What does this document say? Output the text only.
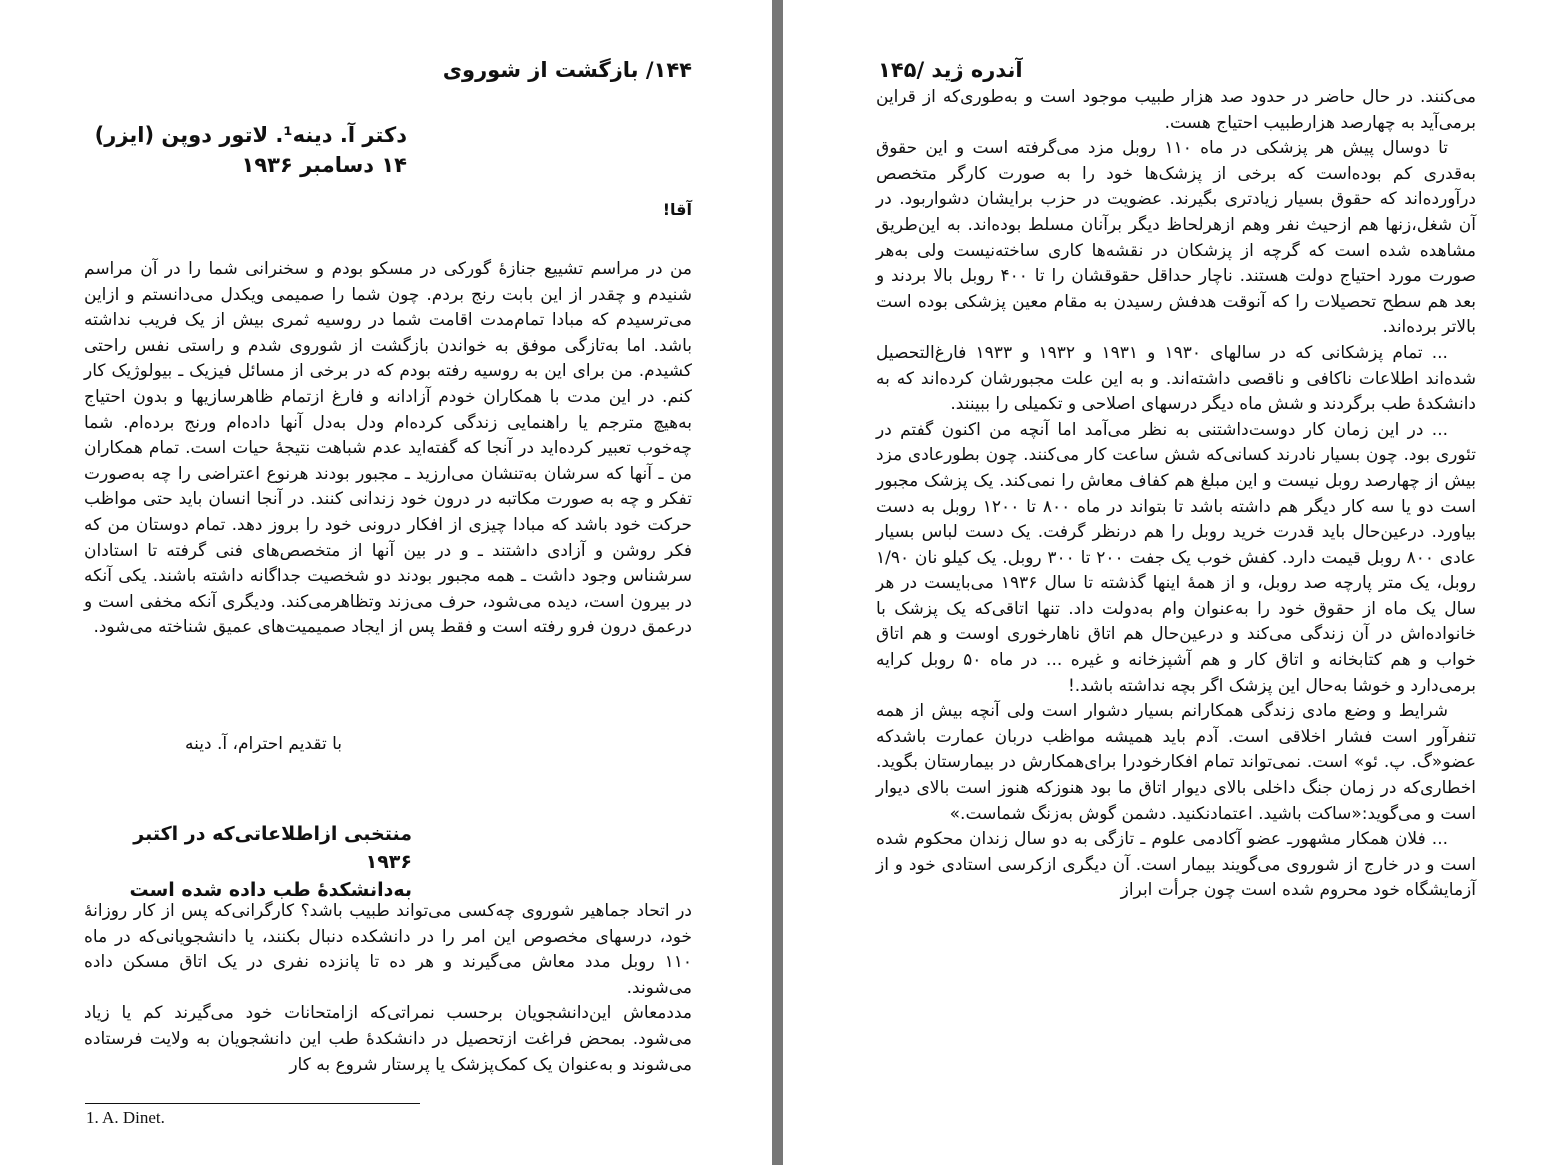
۱۴۴/ بازگشت از شوروی
دکتر آ. دینه¹. لاتور دوپن (ایزر)
۱۴ دسامبر ۱۹۳۶
آقا!

من در مراسم تشییع جنازهٔ گورکی در مسکو بودم و سخنرانی شما را در آن مراسم شنیدم و چقدر از این بابت رنج بردم. چون شما را صمیمی ویکدل می‌دانستم و ازاین می‌ترسیدم که مبادا تمام‌مدت اقامت شما در روسیه ثمری بیش از یک فریب نداشته باشد. اما به‌تازگی موفق به خواندن بازگشت از شوروی شدم و راستی نفس راحتی کشیدم. من برای این به روسیه رفته بودم که در برخی از مسائل فیزیک ـ بیولوژیک کار کنم. در این مدت با همکاران خودم آزادانه و فارغ ازتمام ظاهرسازیها و بدون احتیاج به‌هیچ مترجم یا راهنمایی زندگی کرده‌ام ودل به‌دل آنها داده‌ام ورنج برده‌ام. شما چه‌خوب تعبیر کرده‌اید در آنجا که گفته‌اید عدم شباهت نتیجهٔ حیات است. تمام همکاران من ـ آنها که سرشان به‌تنشان می‌ارزید ـ مجبور بودند هرنوع اعتراضی را چه به‌صورت تفکر و چه به صورت مکاتبه در درون خود زندانی کنند. در آنجا انسان باید حتی مواظب حرکت خود باشد که مبادا چیزی از افکار درونی خود را بروز دهد. تمام دوستان من که فکر روشن و آزادی داشتند ـ و در بین آنها از متخصص‌های فنی گرفته تا استادان سرشناس وجود داشت ـ همه مجبور بودند دو شخصیت جداگانه داشته باشند. یکی آنکه در بیرون است، دیده می‌شود، حرف می‌زند وتظاهرمی‌کند. ودیگری آنکه مخفی است و درعمق درون فرو رفته است و فقط پس از ایجاد صمیمیت‌های عمیق شناخته می‌شود.

با تقدیم احترام، آ. دینه
منتخبی ازاطلاعاتی‌که در اکتبر ۱۹۳۶
به‌دانشکدهٔ طب داده شده است

در اتحاد جماهیر شوروی چه‌کسی می‌تواند طبیب باشد؟ کارگرانی‌که پس از کار روزانهٔ خود، درسهای مخصوص این امر را در دانشکده دنبال بکنند، یا دانشجویانی‌که در ماه ۱۱۰ روبل مدد معاش می‌گیرند و هر ده تا پانزده نفری در یک اتاق مسکن داده می‌شوند.

مددمعاش این‌دانشجویان برحسب نمراتی‌که ازامتحانات خود می‌گیرند کم یا زیاد می‌شود. بمحض فراغت ازتحصیل در دانشکدهٔ طب این دانشجویان به ولایت فرستاده می‌شوند و به‌عنوان یک کمک‌پزشک یا پرستار شروع به کار

1. A. Dinet.
آندره ژید /۱۴۵

می‌کنند. در حال حاضر در حدود صد هزار طبیب موجود است و به‌طوری‌که از قراین برمی‌آید به چهارصد هزارطبیب احتیاج هست.

تا دوسال پیش هر پزشکی در ماه ۱۱۰ روبل مزد می‌گرفته است و این حقوق به‌قدری کم بوده‌است که برخی از پزشک‌ها خود را به صورت کارگر متخصص درآورده‌اند که حقوق بسیار زیادتری بگیرند. عضویت در حزب برایشان دشوار‌بود. در آن شغل،زنها هم ازحیث نفر وهم ازهرلحاظ دیگر برآنان مسلط بوده‌اند. به این‌طریق مشاهده شده است که گرچه از پزشکان در نقشه‌ها کاری ساخته‌نیست ولی به‌هر صورت مورد احتیاج دولت هستند. ناچار حداقل حقوقشان را تا ۴۰۰ روبل بالا بردند و بعد هم سطح تحصیلات را که آنوقت هدفش رسیدن به مقام معین پزشکی بوده است بالاتر برده‌اند.

... تمام پزشکانی که در سالهای ۱۹۳۰ و ۱۹۳۱ و ۱۹۳۲ و ۱۹۳۳ فارغ‌التحصیل شده‌اند اطلاعات ناکافی و ناقصی داشته‌اند. و به این علت مجبورشان کرده‌اند که به دانشکدهٔ طب برگردند و شش ماه دیگر درسهای اصلاحی و تکمیلی را ببینند.

... در این زمان کار دوست‌داشتنی به نظر می‌آمد اما آنچه من اکنون گفتم در تئوری بود. چون بسیار نادرند کسانی‌که شش ساعت کار می‌کنند. چون بطورعادی مزد بیش از چهارصد روبل نیست و این مبلغ هم کفاف معاش را نمی‌کند. یک پزشک مجبور است دو یا سه کار دیگر هم داشته باشد تا بتواند در ماه ۸۰۰ تا ۱۲۰۰ روبل به دست بیاورد. درعین‌حال باید قدرت خرید روبل را هم درنظر گرفت. یک دست لباس بسیار عادی ۸۰۰ روبل قیمت دارد. کفش خوب یک جفت ۲۰۰ تا ۳۰۰ روبل. یک کیلو نان ۱/۹۰ روبل، یک متر پارچه صد روبل، و از همهٔ اینها گذشته تا سال ۱۹۳۶ می‌بایست در هر سال یک ماه از حقوق خود را به‌عنوان وام به‌دولت داد. تنها اتاقی‌که یک پزشک با خانواده‌اش در آن زندگی می‌کند و درعین‌حال هم اتاق ناهارخوری اوست و هم اتاق خواب و هم کتابخانه و اتاق کار و هم آشپزخانه و غیره ... در ماه ۵۰ روبل کرایه برمی‌دارد و خوشا به‌حال این پزشک اگر بچه نداشته باشد.!

شرایط و وضع مادی زندگی همکارانم بسیار دشوار است ولی آنچه بیش از همه تنفرآور است فشار اخلاقی است. آدم باید همیشه مواظب دربان عمارت باشدکه عضو«گ. پ. ئو» است. نمی‌تواند تمام افکارخودرا برای‌همکارش در بیمارستان بگوید. اخطاری‌که در زمان جنگ داخلی بالای دیوار اتاق ما بود هنوزکه هنوز است بالای دیوار است و می‌گوید:«ساکت باشید. اعتمادنکنید. دشمن گوش به‌زنگ شماست.»

... فلان همکار مشهورـ عضو آکادمی علوم ـ تازگی به دو سال زندان محکوم شده است و در خارج از شوروی می‌گویند بیمار است. آن دیگری ازکرسی استادی خود و از آزمایشگاه خود محروم شده است چون جرأت ابراز
